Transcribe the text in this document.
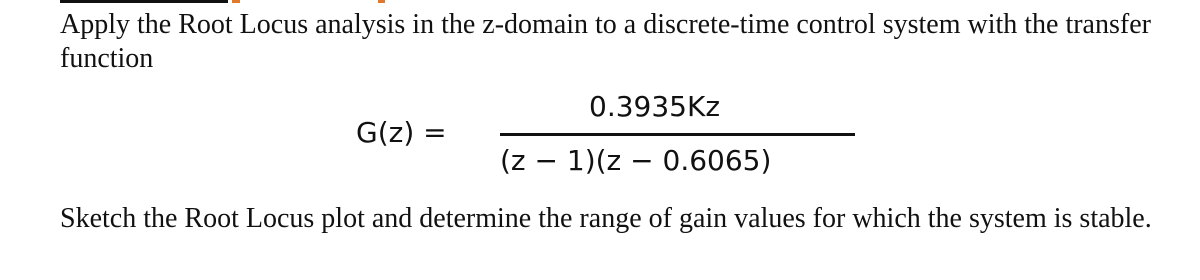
Apply the Root Locus analysis in the z-domain to a discrete-time control system with the transfer function

G(z) =
0.3935Kz
(z − 1)(z − 0.6065)

Sketch the Root Locus plot and determine the range of gain values for which the system is stable.
